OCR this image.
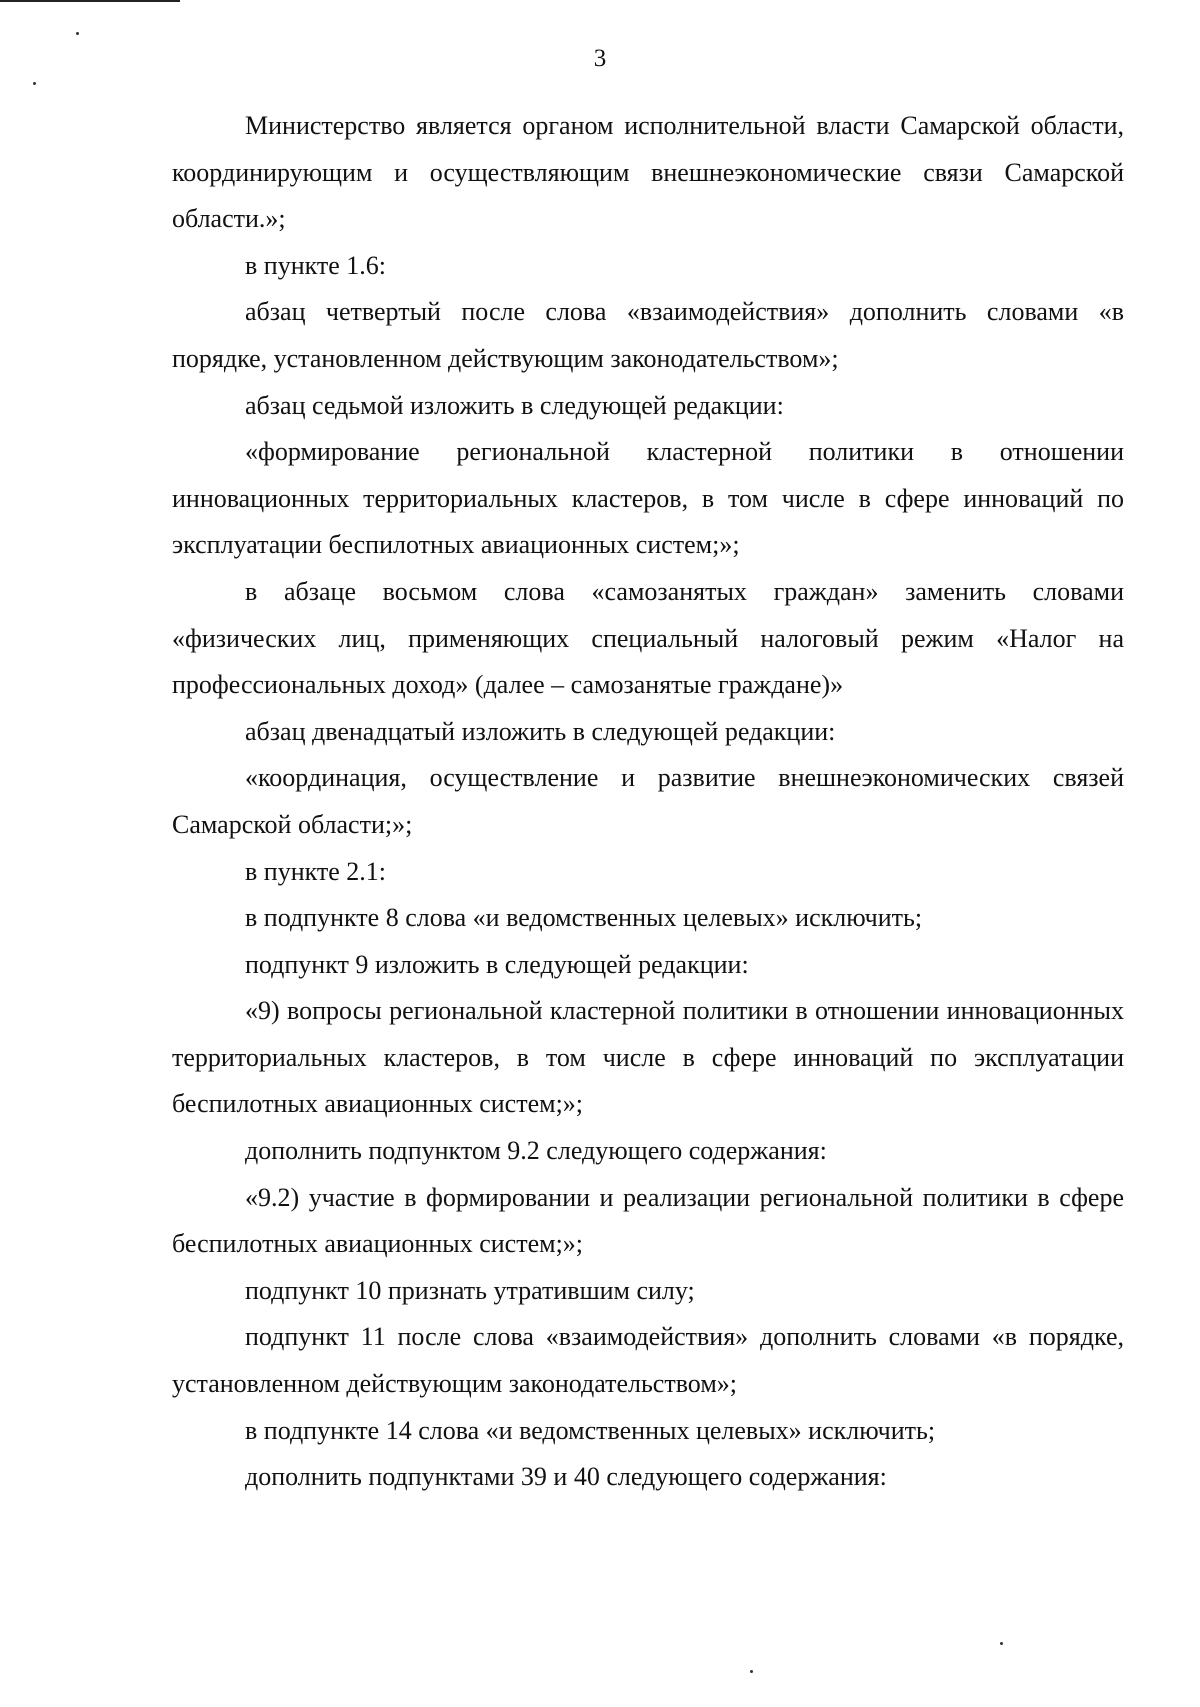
3

Министерство является органом исполнительной власти Самарской области, координирующим и осуществляющим внешнеэкономические связи Самарской области.»;

в пункте 1.6:

абзац четвертый после слова «взаимодействия» дополнить словами «в порядке, установленном действующим законодательством»;

абзац седьмой изложить в следующей редакции:

«формирование региональной кластерной политики в отношении инновационных территориальных кластеров, в том числе в сфере инноваций по эксплуатации беспилотных авиационных систем;»;

в абзаце восьмом слова «самозанятых граждан» заменить словами «физических лиц, применяющих специальный налоговый режим «Налог на профессиональных доход» (далее – самозанятые граждане)»

абзац двенадцатый изложить в следующей редакции:

«координация, осуществление и развитие внешнеэкономических связей Самарской области;»;

в пункте 2.1:

в подпункте 8 слова «и ведомственных целевых» исключить;

подпункт 9 изложить в следующей редакции:

«9) вопросы региональной кластерной политики в отношении инновационных территориальных кластеров, в том числе в сфере инноваций по эксплуатации беспилотных авиационных систем;»;

дополнить подпунктом 9.2 следующего содержания:

«9.2) участие в формировании и реализации региональной политики в сфере беспилотных авиационных систем;»;

подпункт 10 признать утратившим силу;

подпункт 11 после слова «взаимодействия» дополнить словами «в порядке, установленном действующим законодательством»;

в подпункте 14 слова «и ведомственных целевых» исключить;

дополнить подпунктами 39 и 40 следующего содержания:
